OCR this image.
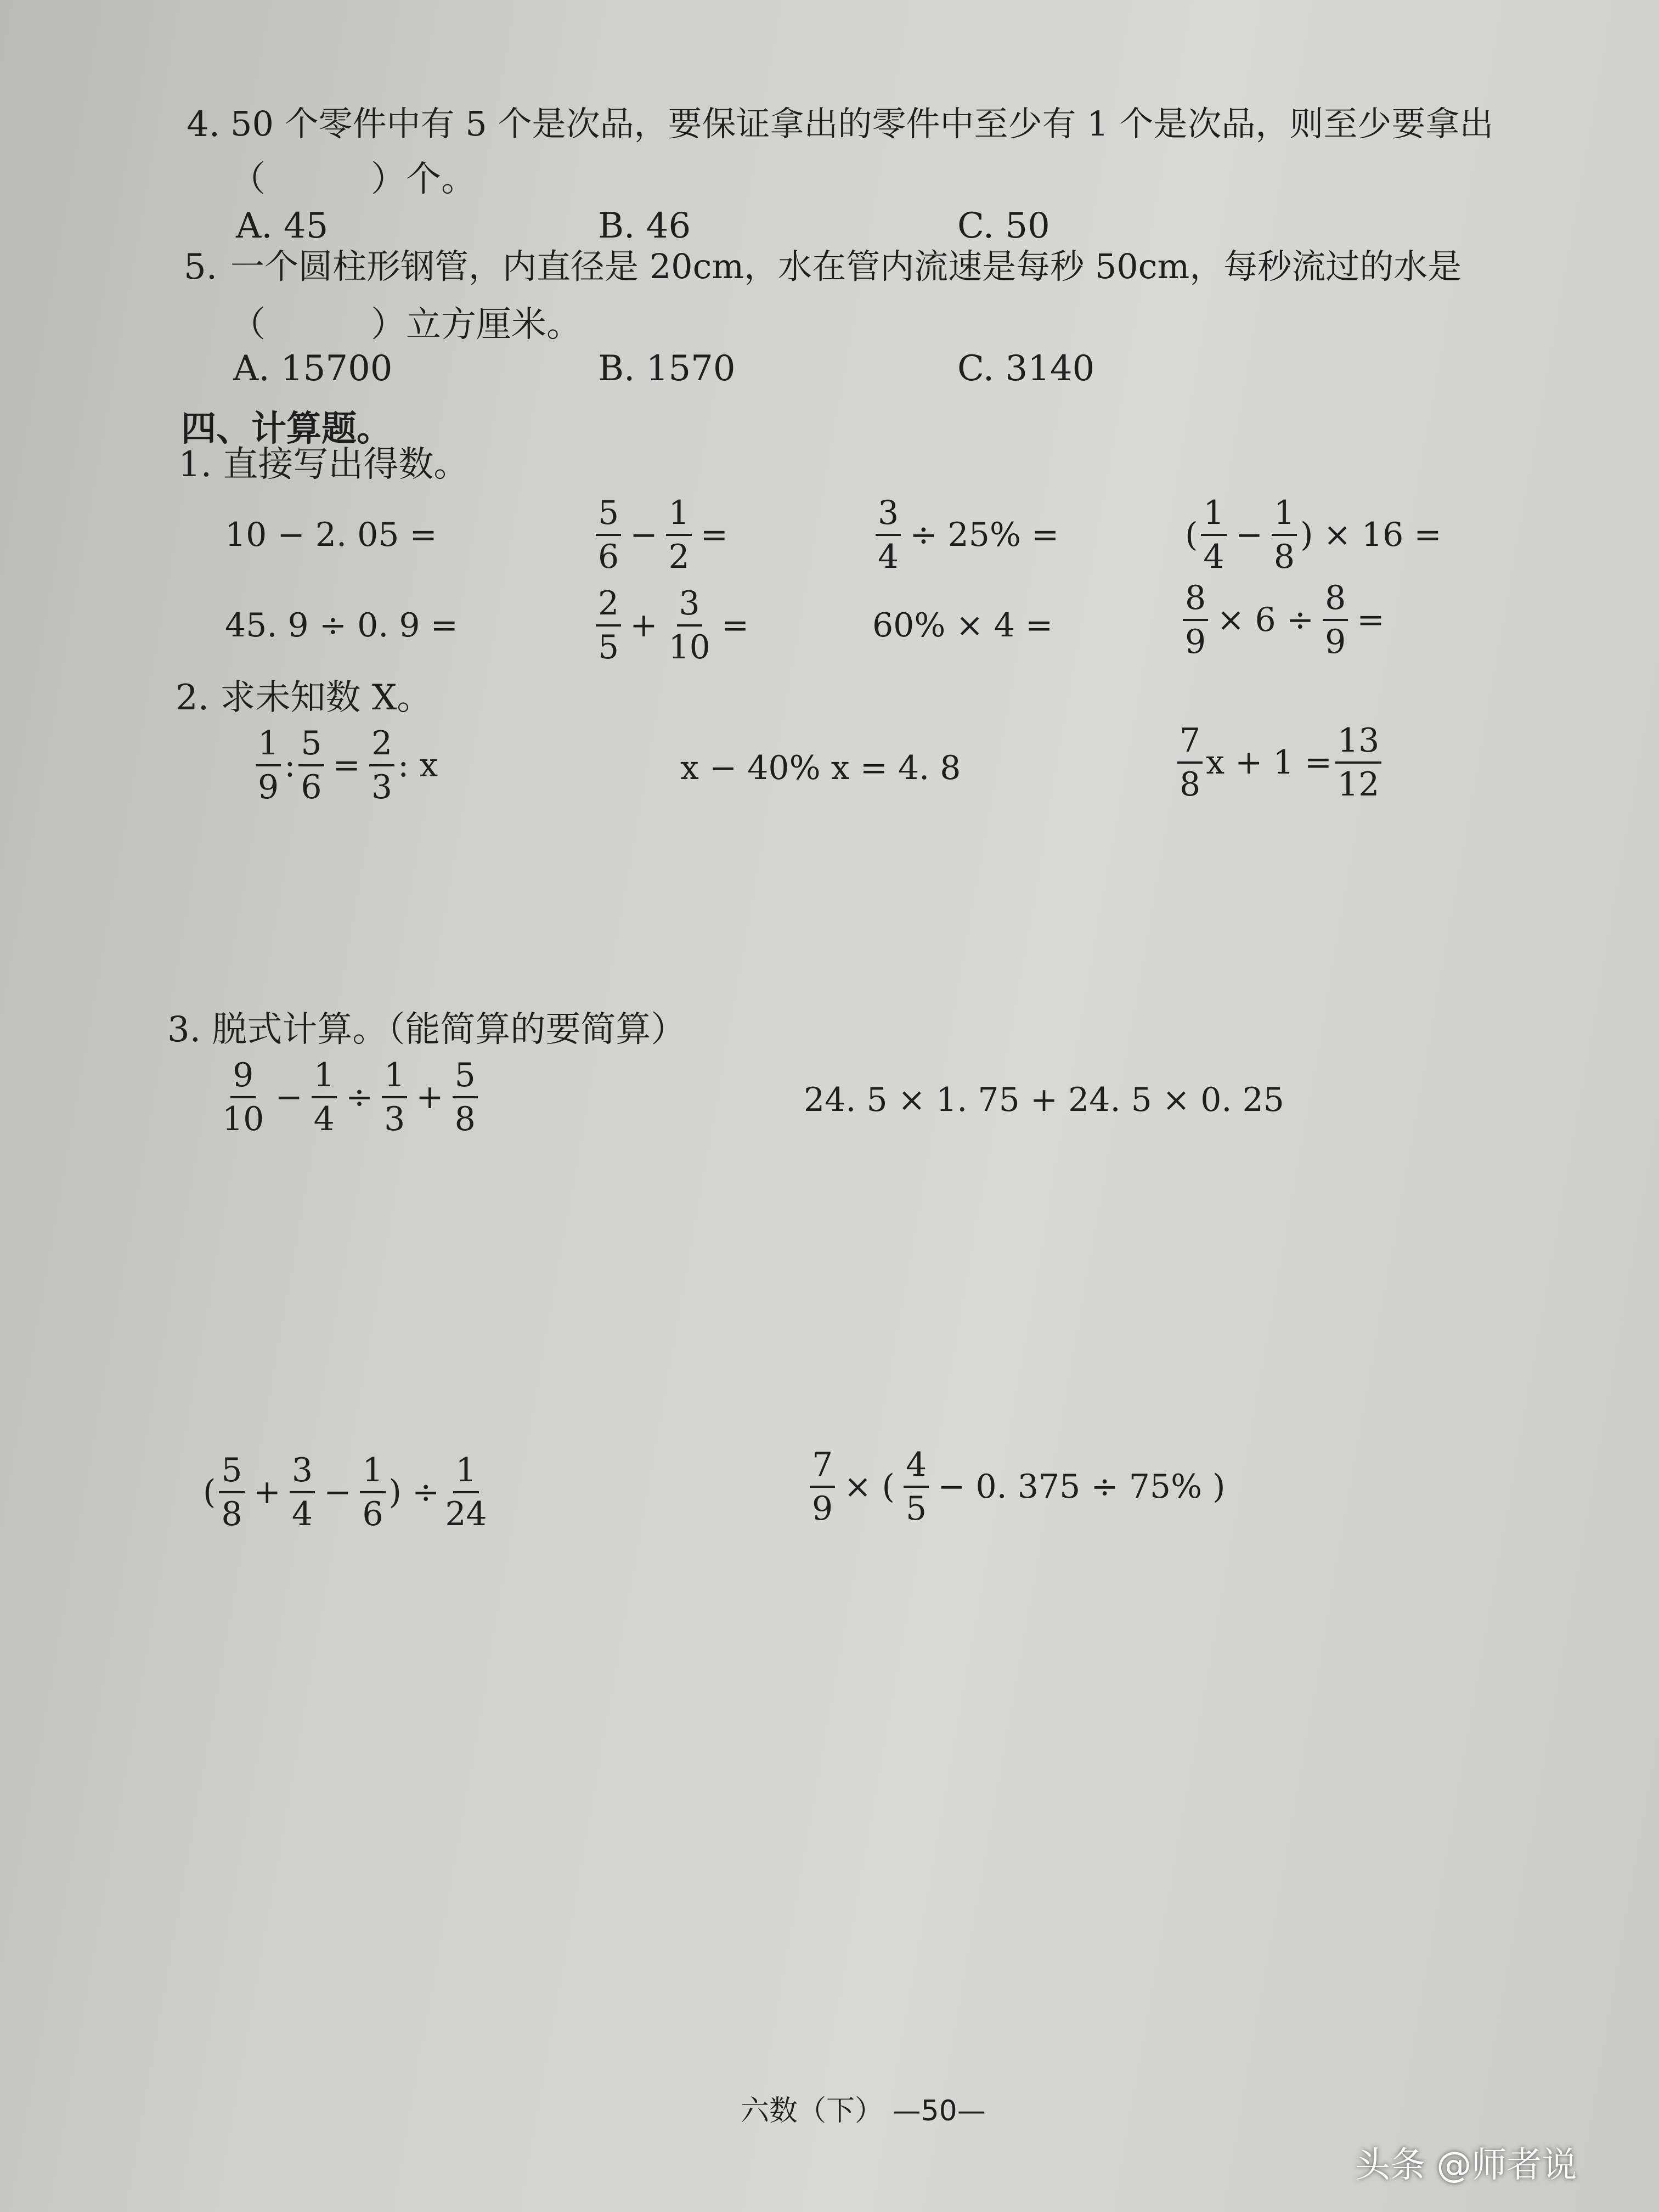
4. 50 个零件中有 5 个是次品，要保证拿出的零件中至少有 1 个是次品，则至少要拿出
（　　　）个。
A. 45	B. 46	C. 50
5. 一个圆柱形钢管，内直径是 20cm，水在管内流速是每秒 50cm，每秒流过的水是
（　　　）立方厘米。
A. 15700	B. 1570	C. 3140
四、计算题。
1. 直接写出得数。
10 − 2. 05 =	$\frac{5}{6} - \frac{1}{2}$ =	$\frac{3}{4} \div 25\%$ =	( $\frac{1}{4} - \frac{1}{8}$ ) × 16 =
45. 9 ÷ 0. 9 =	$\frac{2}{5} + \frac{3}{10}$ =	60% × 4 =	$\frac{8}{9} \times 6 \div \frac{8}{9}$ =
2. 求未知数 X。
$\frac{1}{9}$ : $\frac{5}{6} = \frac{2}{3}$ : x	x − 40% x = 4. 8	$\frac{7}{8}$ $x + 1 = \frac{13}{12}$
3. 脱式计算。（能简算的要简算）
$\frac{9}{10} - \frac{1}{4} \div \frac{1}{3} + \frac{5}{8}$	24. 5 × 1. 75 + 24. 5 × 0. 25
( $\frac{5}{8} + \frac{3}{4} - \frac{1}{6}$ ) ÷ $\frac{1}{24}$	$\frac{7}{9}$ × ( $\frac{4}{5} - 0$. 375 ÷ 75% )
六数（下） —50—
头条 @师者说
